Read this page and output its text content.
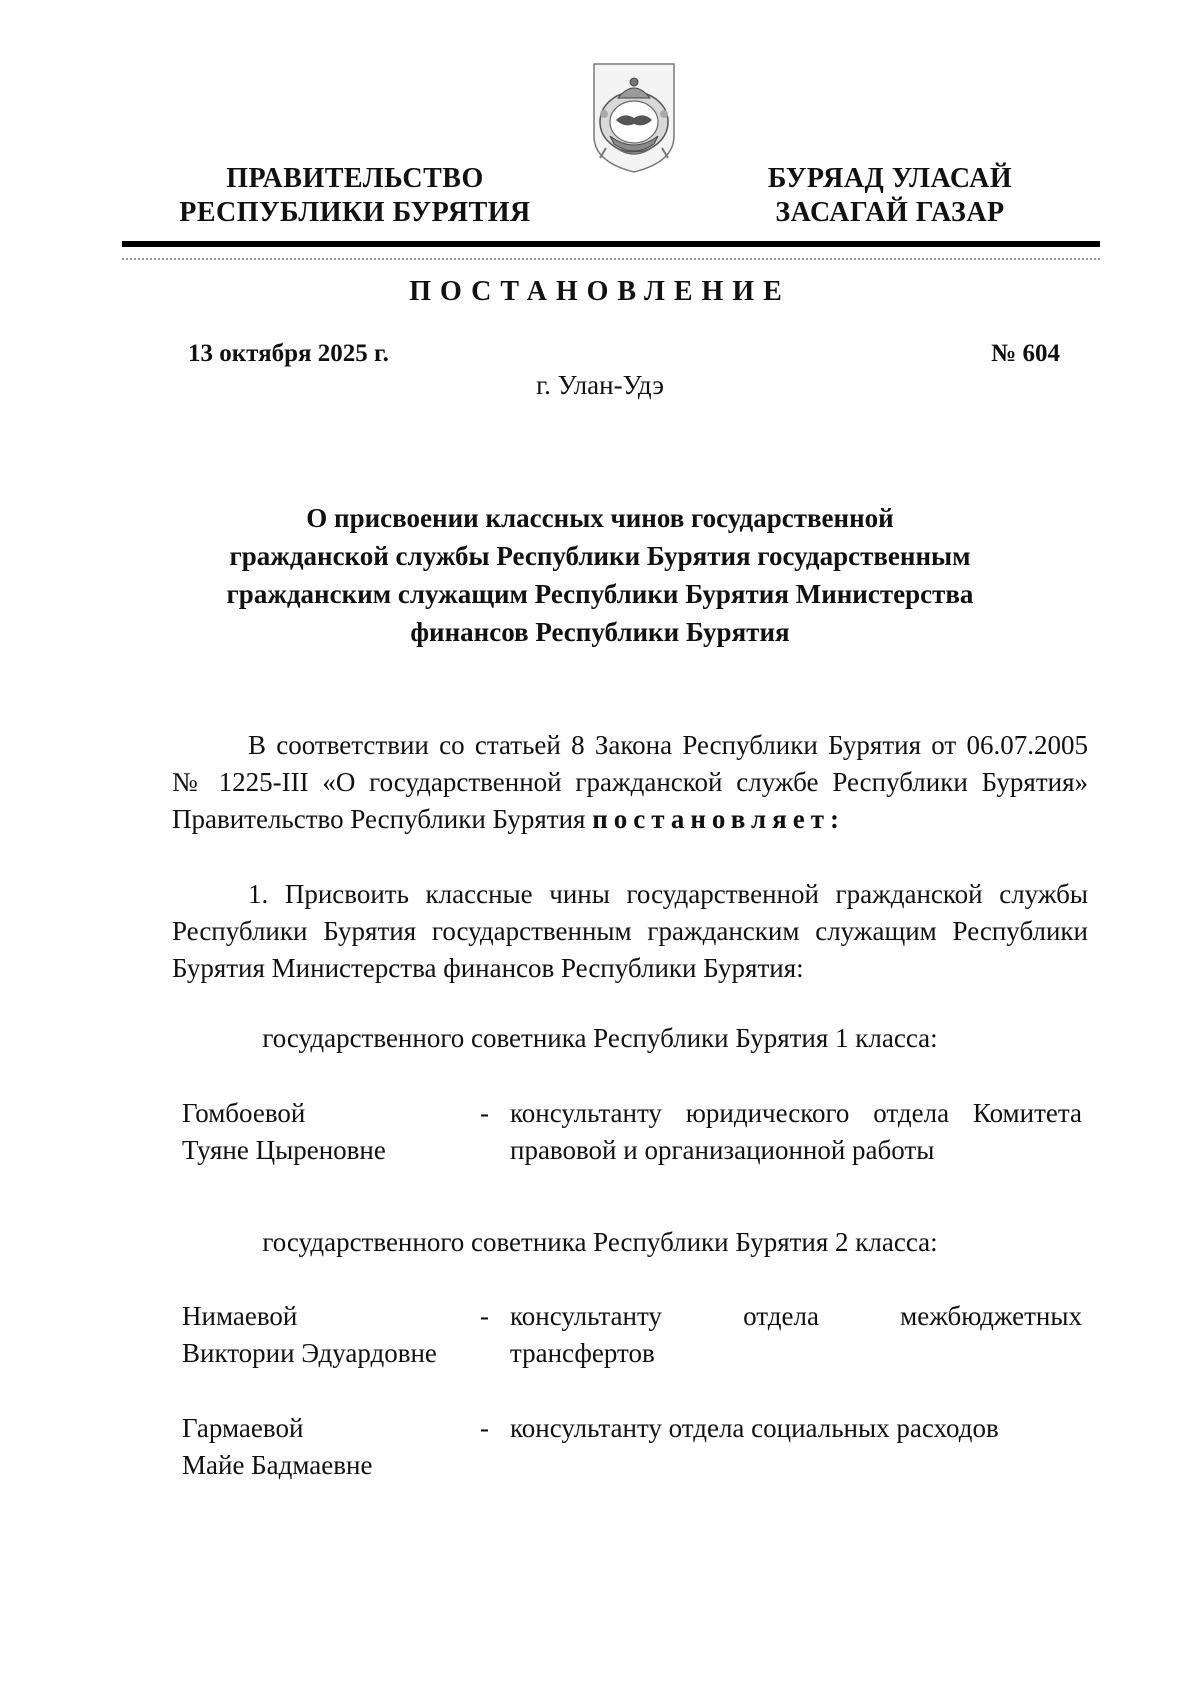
ПРАВИТЕЛЬСТВО
РЕСПУБЛИКИ БУРЯТИЯ
БУРЯАД УЛАСАЙ
ЗАСАГАЙ ГАЗАР
ПОСТАНОВЛЕНИЕ
13 октября 2025 г.	№ 604
г. Улан-Удэ
О присвоении классных чинов государственной
гражданской службы Республики Бурятия государственным
гражданским служащим Республики Бурятия Министерства
финансов Республики Бурятия
В соответствии со статьей 8 Закона Республики Бурятия от 06.07.2005 № 1225-III «О государственной гражданской службе Республики Бурятия» Правительство Республики Бурятия постановляет:
1. Присвоить классные чины государственной гражданской службы Республики Бурятия государственным гражданским служащим Республики Бурятия Министерства финансов Республики Бурятия:
государственного советника Республики Бурятия 1 класса:
Гомбоевой
Туяне Цыреновне
- консультанту юридического отдела Комитета правовой и организационной работы
государственного советника Республики Бурятия 2 класса:
Нимаевой
Виктории Эдуардовне
- консультанту отдела межбюджетных трансфертов
Гармаевой
Майе Бадмаевне
- консультанту отдела социальных расходов
